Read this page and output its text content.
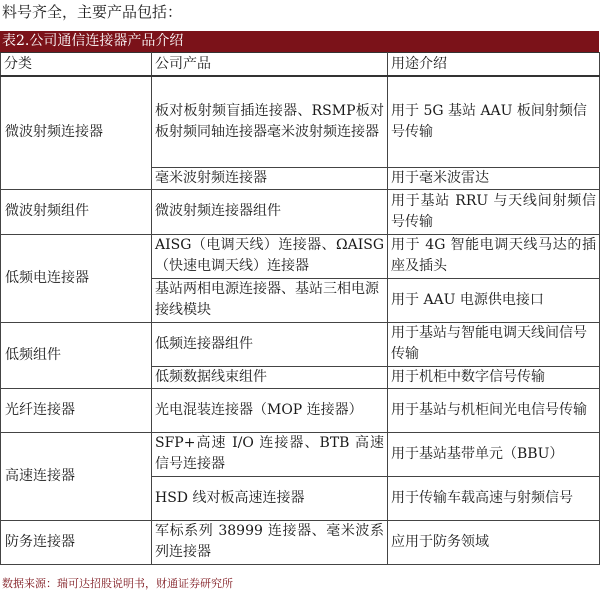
料号齐全，主要产品包括：
表2.公司通信连接器产品介绍
分类	公司产品	用途介绍
微波射频连接器	板对板射频盲插连接器、RSMP板对板射频同轴连接器毫米波射频连接器	用于 5G 基站 AAU 板间射频信号传输
	毫米波射频连接器	用于毫米波雷达
微波射频组件	微波射频连接器组件	用于基站 RRU 与天线间射频信号传输
低频电连接器	AISG（电调天线）连接器、ΩAISG（快速电调天线）连接器	用于 4G 智能电调天线马达的插座及插头
	基站两相电源连接器、基站三相电源接线模块	用于 AAU 电源供电接口
低频组件	低频连接器组件	用于基站与智能电调天线间信号传输
	低频数据线束组件	用于机柜中数字信号传输
光纤连接器	光电混装连接器（MOP 连接器）	用于基站与机柜间光电信号传输
高速连接器	SFP+高速 I/O 连接器、BTB 高速信号连接器	用于基站基带单元（BBU）
	HSD 线对板高速连接器	用于传输车载高速与射频信号
防务连接器	军标系列 38999 连接器、毫米波系列连接器	应用于防务领域
数据来源：瑞可达招股说明书，财通证券研究所
